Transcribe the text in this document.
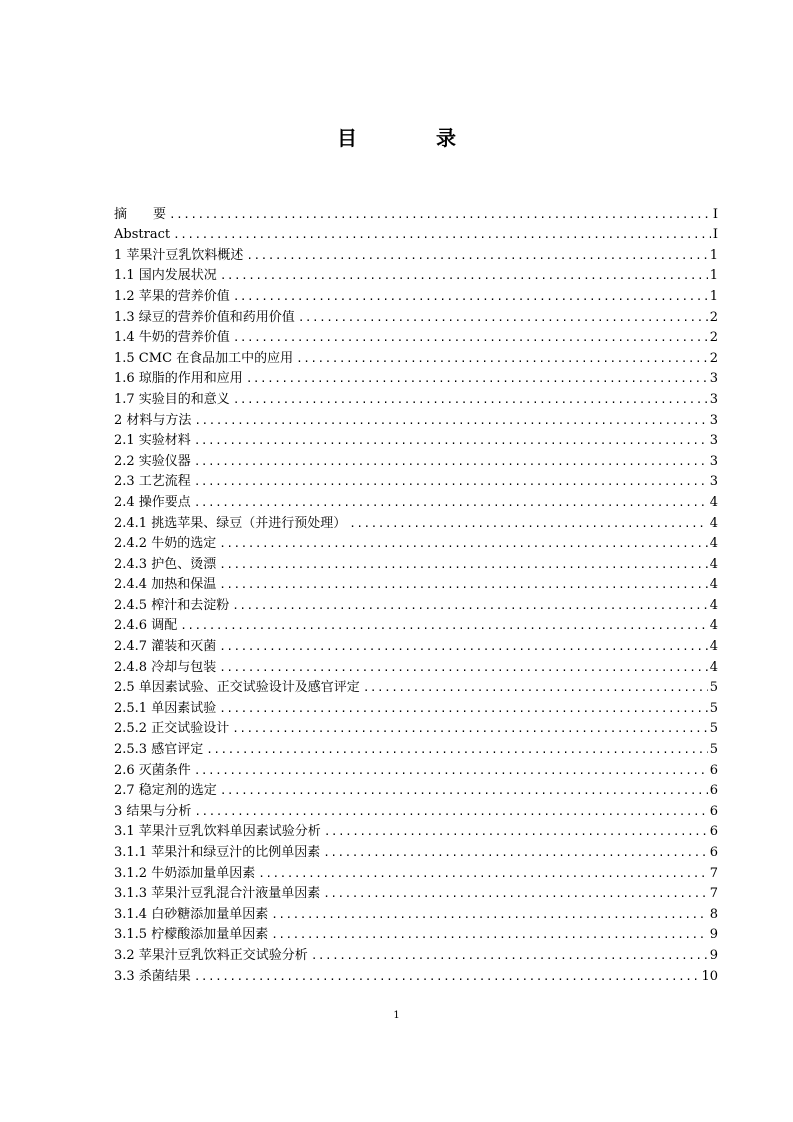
目 录
摘　　要 .....	I
Abstract .....	I
1 苹果汁豆乳饮料概述 .....	1
1.1 国内发展状况 .....	1
1.2 苹果的营养价值 .....	1
1.3 绿豆的营养价值和药用价值 .....	2
1.4 牛奶的营养价值 .....	2
1.5 CMC 在食品加工中的应用 .....	2
1.6 琼脂的作用和应用 .....	3
1.7 实验目的和意义 .....	3
2 材料与方法 .....	3
2.1 实验材料 .....	3
2.2 实验仪器 .....	3
2.3 工艺流程 .....	3
2.4 操作要点 .....	4
2.4.1 挑选苹果、绿豆（并进行预处理） .....	4
2.4.2 牛奶的选定 .....	4
2.4.3 护色、烫漂 .....	4
2.4.4 加热和保温 .....	4
2.4.5 榨汁和去淀粉 .....	4
2.4.6 调配 .....	4
2.4.7 灌装和灭菌 .....	4
2.4.8 冷却与包装 .....	4
2.5 单因素试验、正交试验设计及感官评定 .....	5
2.5.1 单因素试验 .....	5
2.5.2 正交试验设计 .....	5
2.5.3 感官评定 .....	5
2.6 灭菌条件 .....	6
2.7 稳定剂的选定 .....	6
3 结果与分析 .....	6
3.1 苹果汁豆乳饮料单因素试验分析 .....	6
3.1.1 苹果汁和绿豆汁的比例单因素 .....	6
3.1.2 牛奶添加量单因素 .....	7
3.1.3 苹果汁豆乳混合汁液量单因素 .....	7
3.1.4 白砂糖添加量单因素 .....	8
3.1.5 柠檬酸添加量单因素 .....	9
3.2 苹果汁豆乳饮料正交试验分析 .....	9
3.3 杀菌结果 .....	10
1
